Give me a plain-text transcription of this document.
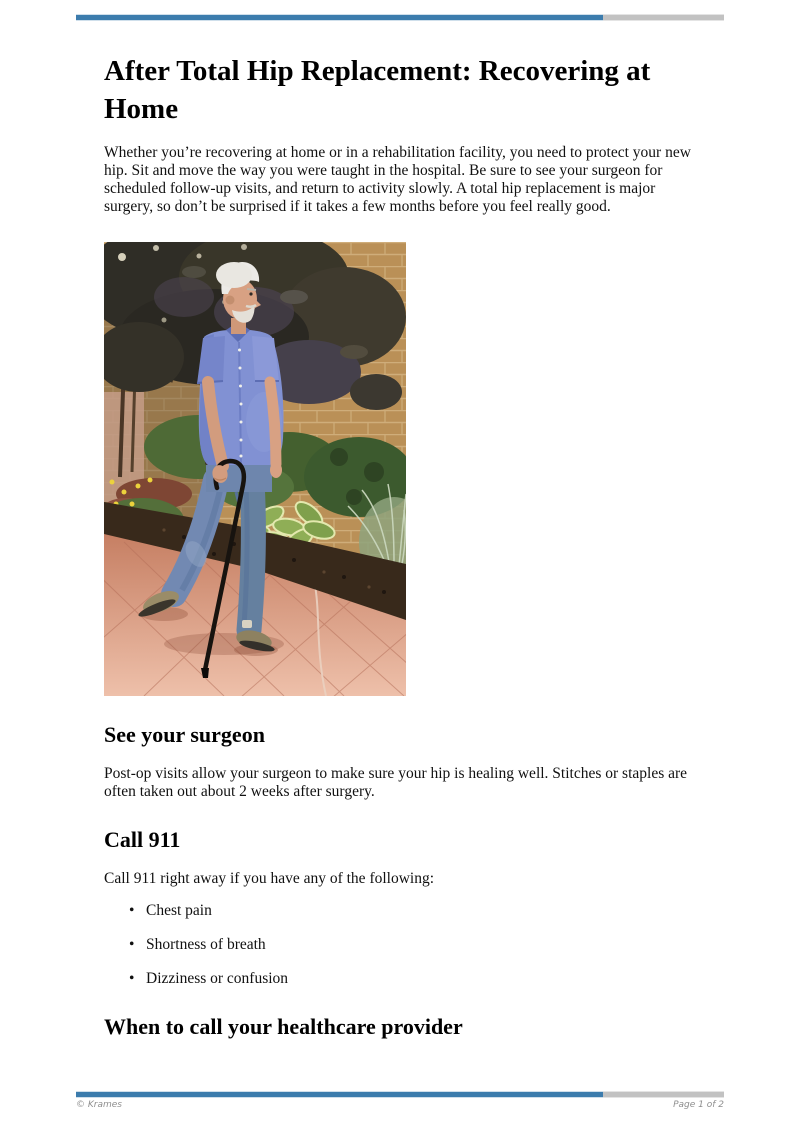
After Total Hip Replacement: Recovering at Home

Whether you’re recovering at home or in a rehabilitation facility, you need to protect your new hip. Sit and move the way you were taught in the hospital. Be sure to see your surgeon for scheduled follow-up visits, and return to activity slowly. A total hip replacement is major surgery, so don’t be surprised if it takes a few months before you feel really good.

See your surgeon

Post-op visits allow your surgeon to make sure your hip is healing well. Stitches or staples are often taken out about 2 weeks after surgery.

Call 911

Call 911 right away if you have any of the following:

• Chest pain
• Shortness of breath
• Dizziness or confusion
When to call your healthcare provider
© Krames	Page 1 of 2
